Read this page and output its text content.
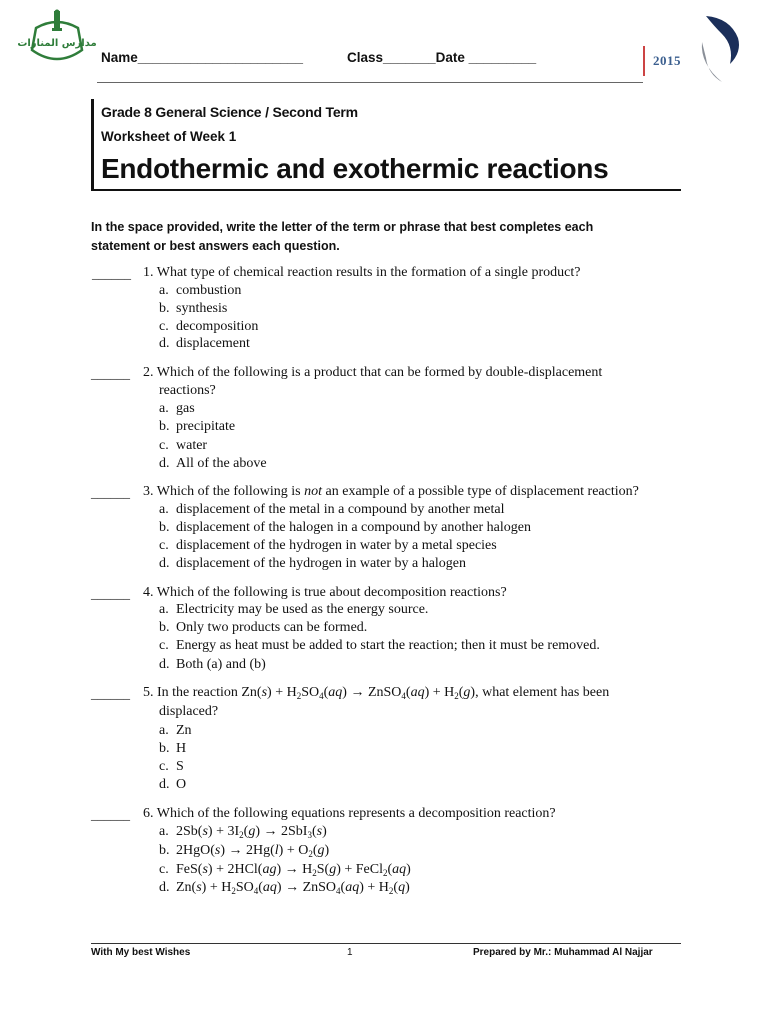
مدارس المنارات
Name______________________	Class_______Date _________	2015
Grade 8 General Science / Second Term
Worksheet of Week 1
Endothermic and exothermic reactions
In the space provided, write the letter of the term or phrase that best completes each statement or best answers each question.
______ 1. What type of chemical reaction results in the formation of a single product?
a. combustion
b. synthesis
c. decomposition
d. displacement
______ 2. Which of the following is a product that can be formed by double-displacement
reactions?
a. gas
b. precipitate
c. water
d. All of the above
______ 3. Which of the following is not an example of a possible type of displacement reaction?
a. displacement of the metal in a compound by another metal
b. displacement of the halogen in a compound by another halogen
c. displacement of the hydrogen in water by a metal species
d. displacement of the hydrogen in water by a halogen
______ 4. Which of the following is true about decomposition reactions?
a. Electricity may be used as the energy source.
b. Only two products can be formed.
c. Energy as heat must be added to start the reaction; then it must be removed.
d. Both (a) and (b)
______ 5. In the reaction $Zn(s) + H_2SO_4(aq)$ → ZnSO$_4$(aq) + $H_2(g)$, what element has been
displaced?
a. Zn
b. H
c. S
d. O
______ 6. Which of the following equations represents a decomposition reaction?
a. $2Sb(s) + 3I_2(g) \to 2SbI_3(s)$
b. $2HgO(s) \to 2Hg(l) + O_2(g)$
c. $FeS(s) + 2HCl(ag) \to H_2S(g)$ + FeCl$_2$(aq)
d. $Zn(s) + H_2SO_4(aq)$ → ZnSO$_4$(aq) + $H_2(q)$
With My best Wishes	1	Prepared by Mr.: Muhammad Al Najjar
